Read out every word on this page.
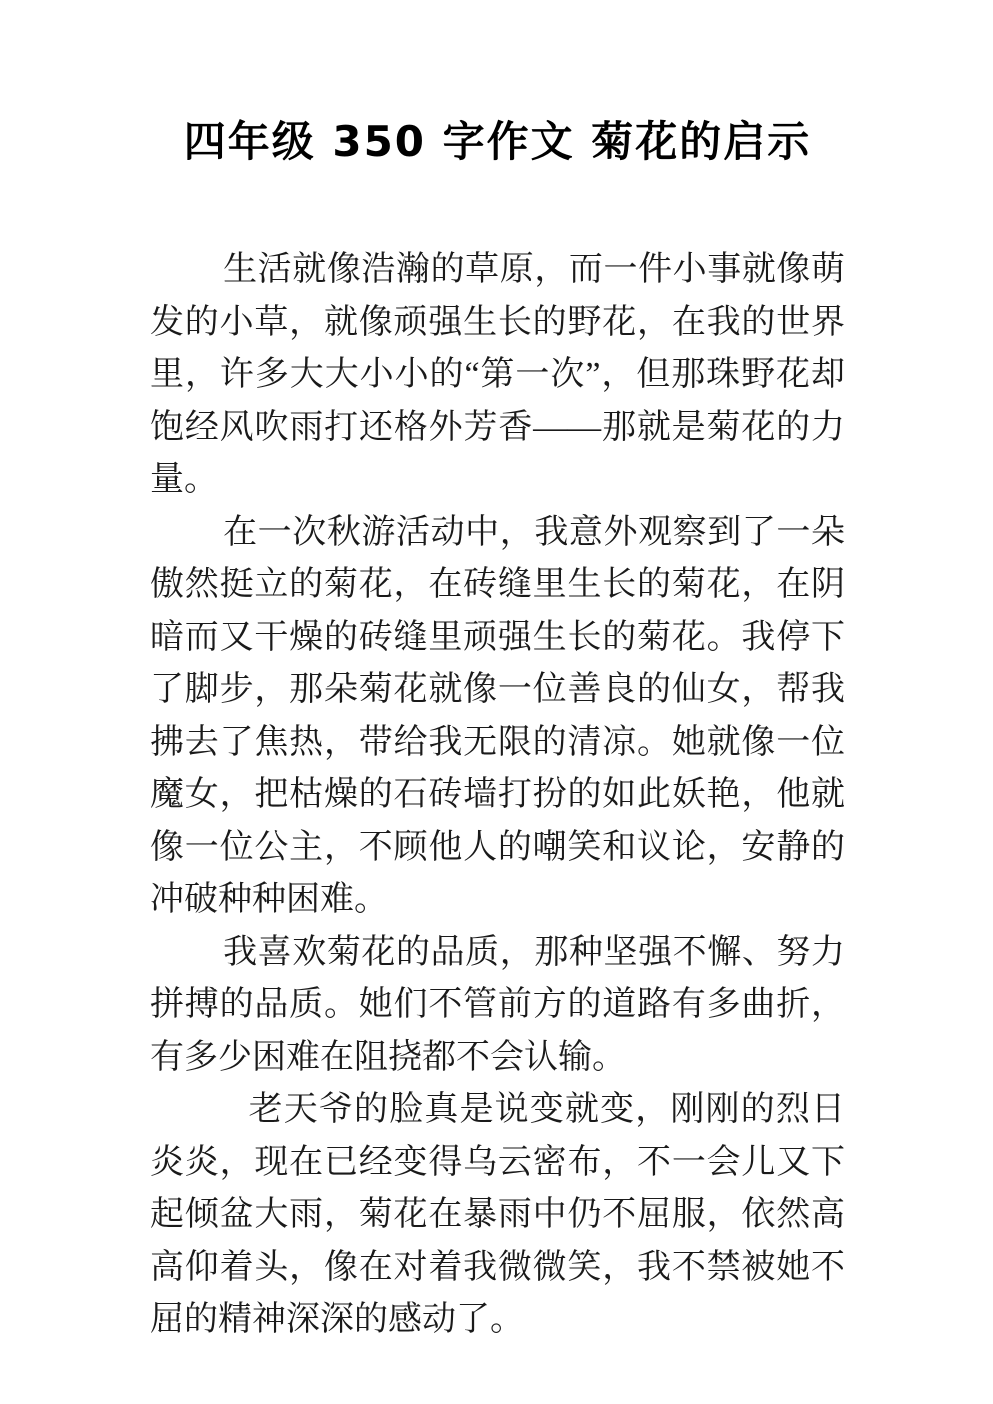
四年级 350 字作文 菊花的启示

生活就像浩瀚的草原，而一件小事就像萌发的小草，就像顽强生长的野花，在我的世界里，许多大大小小的“第一次”，但那珠野花却饱经风吹雨打还格外芳香——那就是菊花的力量。

在一次秋游活动中，我意外观察到了一朵傲然挺立的菊花，在砖缝里生长的菊花，在阴暗而又干燥的砖缝里顽强生长的菊花。我停下了脚步，那朵菊花就像一位善良的仙女，帮我拂去了焦热，带给我无限的清凉。她就像一位魔女，把枯燥的石砖墙打扮的如此妖艳，他就像一位公主，不顾他人的嘲笑和议论，安静的冲破种种困难。

我喜欢菊花的品质，那种坚强不懈、努力拼搏的品质。她们不管前方的道路有多曲折，有多少困难在阻挠都不会认输。

老天爷的脸真是说变就变，刚刚的烈日炎炎，现在已经变得乌云密布，不一会儿又下起倾盆大雨，菊花在暴雨中仍不屈服，依然高高仰着头，像在对着我微微笑，我不禁被她不屈的精神深深的感动了。
